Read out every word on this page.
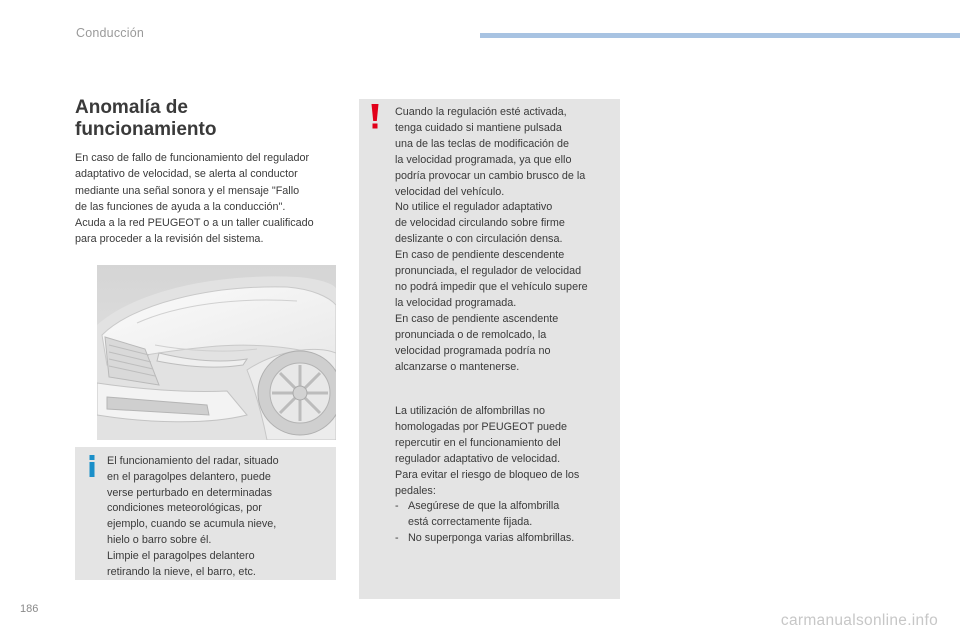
Conducción
Anomalía de
funcionamiento
En caso de fallo de funcionamiento del regulador
adaptativo de velocidad, se alerta al conductor
mediante una señal sonora y el mensaje "Fallo
de las funciones de ayuda a la conducción".
Acuda a la red PEUGEOT o a un taller cualificado
para proceder a la revisión del sistema.
El funcionamiento del radar, situado
en el paragolpes delantero, puede
verse perturbado en determinadas
condiciones meteorológicas, por
ejemplo, cuando se acumula nieve,
hielo o barro sobre él.
Limpie el paragolpes delantero
retirando la nieve, el barro, etc.
Cuando la regulación esté activada,
tenga cuidado si mantiene pulsada
una de las teclas de modificación de
la velocidad programada, ya que ello
podría provocar un cambio brusco de la
velocidad del vehículo.
No utilice el regulador adaptativo
de velocidad circulando sobre firme
deslizante o con circulación densa.
En caso de pendiente descendente
pronunciada, el regulador de velocidad
no podrá impedir que el vehículo supere
la velocidad programada.
En caso de pendiente ascendente
pronunciada o de remolcado, la
velocidad programada podría no
alcanzarse o mantenerse.
La utilización de alfombrillas no
homologadas por PEUGEOT puede
repercutir en el funcionamiento del
regulador adaptativo de velocidad.
Para evitar el riesgo de bloqueo de los
pedales:
- Asegúrese de que la alfombrilla
está correctamente fijada.
- No superponga varias alfombrillas.
186
carmanualsonline.info
